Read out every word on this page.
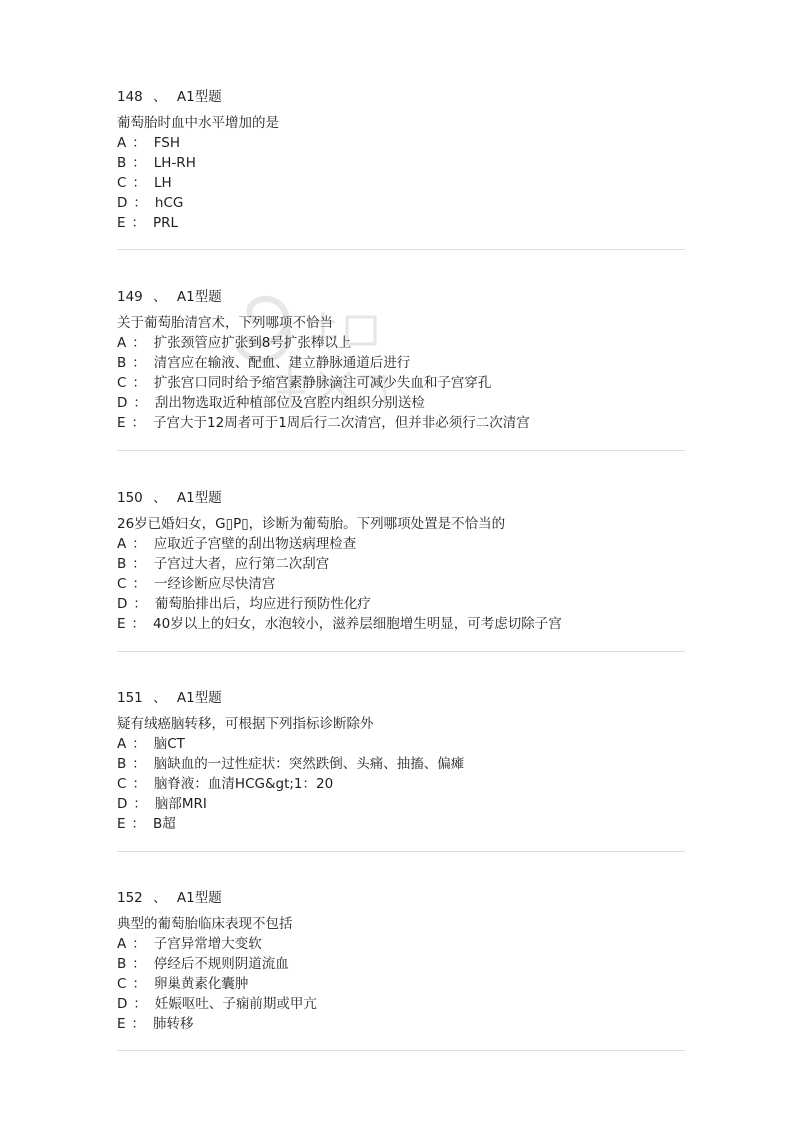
148 、 A1型题
葡萄胎时血中水平增加的是
A ： FSH
B ： LH-RH
C ： LH
D ： hCG
E ： PRL
149 、 A1型题
关于葡萄胎清宫术，下列哪项不恰当
A ： 扩张颈管应扩张到8号扩张棒以上
B ： 清宫应在输液、配血、建立静脉通道后进行
C ： 扩张宫口同时给予缩宫素静脉滴注可减少失血和子宫穿孔
D ： 刮出物选取近种植部位及宫腔内组织分别送检
E ： 子宫大于12周者可于1周后行二次清宫，但并非必须行二次清宫
150 、 A1型题
26岁已婚妇女，G▯P▯，诊断为葡萄胎。下列哪项处置是不恰当的
A ： 应取近子宫壁的刮出物送病理检查
B ： 子宫过大者，应行第二次刮宫
C ： 一经诊断应尽快清宫
D ： 葡萄胎排出后，均应进行预防性化疗
E ： 40岁以上的妇女，水泡较小，滋养层细胞增生明显，可考虑切除子宫
151 、 A1型题
疑有绒癌脑转移，可根据下列指标诊断除外
A ： 脑CT
B ： 脑缺血的一过性症状：突然跌倒、头痛、抽搐、偏瘫
C ： 脑脊液：血清HCG&gt;1：20
D ： 脑部MRI
E ： B超
152 、 A1型题
典型的葡萄胎临床表现不包括
A ： 子宫异常增大变软
B ： 停经后不规则阴道流血
C ： 卵巢黄素化囊肿
D ： 妊娠呕吐、子痫前期或甲亢
E ： 肺转移
